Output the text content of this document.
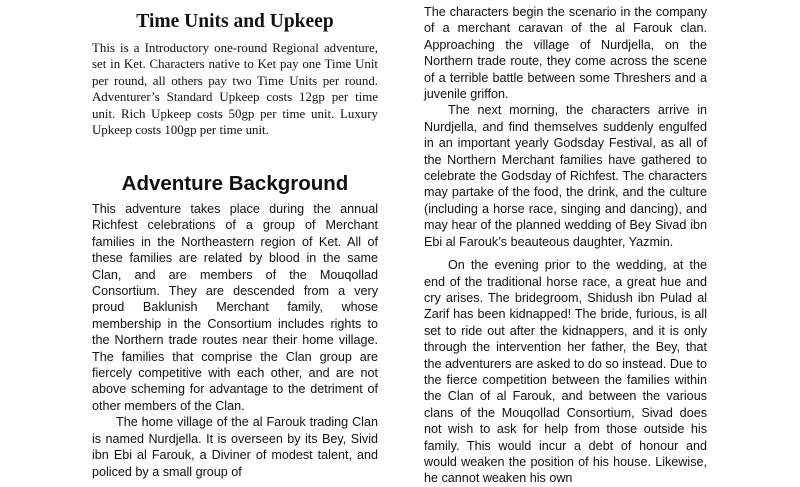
Time Units and Upkeep

This is a Introductory one-round Regional adventure, set in Ket. Characters native to Ket pay one Time Unit per round, all others pay two Time Units per round. Adventurer’s Standard Upkeep costs 12gp per time unit. Rich Upkeep costs 50gp per time unit. Luxury Upkeep costs 100gp per time unit.

Adventure Background

This adventure takes place during the annual Richfest celebrations of a group of Merchant families in the Northeastern region of Ket. All of these families are related by blood in the same Clan, and are members of the Mouqollad Consortium. They are descended from a very proud Baklunish Merchant family, whose membership in the Consortium includes rights to the Northern trade routes near their home village. The families that comprise the Clan group are fiercely competitive with each other, and are not above scheming for advantage to the detriment of other members of the Clan.

The home village of the al Farouk trading Clan is named Nurdjella. It is overseen by its Bey, Sivid ibn Ebi al Farouk, a Diviner of modest talent, and policed by a small group of

The characters begin the scenario in the company of a merchant caravan of the al Farouk clan. Approaching the village of Nurdjella, on the Northern trade route, they come across the scene of a terrible battle between some Threshers and a juvenile griffon.

The next morning, the characters arrive in Nurdjella, and find themselves suddenly engulfed in an important yearly Godsday Festival, as all of the Northern Merchant families have gathered to celebrate the Godsday of Richfest. The characters may partake of the food, the drink, and the culture (including a horse race, singing and dancing), and may hear of the planned wedding of Bey Sivad ibn Ebi al Farouk’s beauteous daughter, Yazmin.

On the evening prior to the wedding, at the end of the traditional horse race, a great hue and cry arises. The bridegroom, Shidush ibn Pulad al Zarif has been kidnapped! The bride, furious, is all set to ride out after the kidnappers, and it is only through the intervention her father, the Bey, that the adventurers are asked to do so instead. Due to the fierce competition between the families within the Clan of al Farouk, and between the various clans of the Mouqollad Consortium, Sivad does not wish to ask for help from those outside his family. This would incur a debt of honour and would weaken the position of his house. Likewise, he cannot weaken his own
